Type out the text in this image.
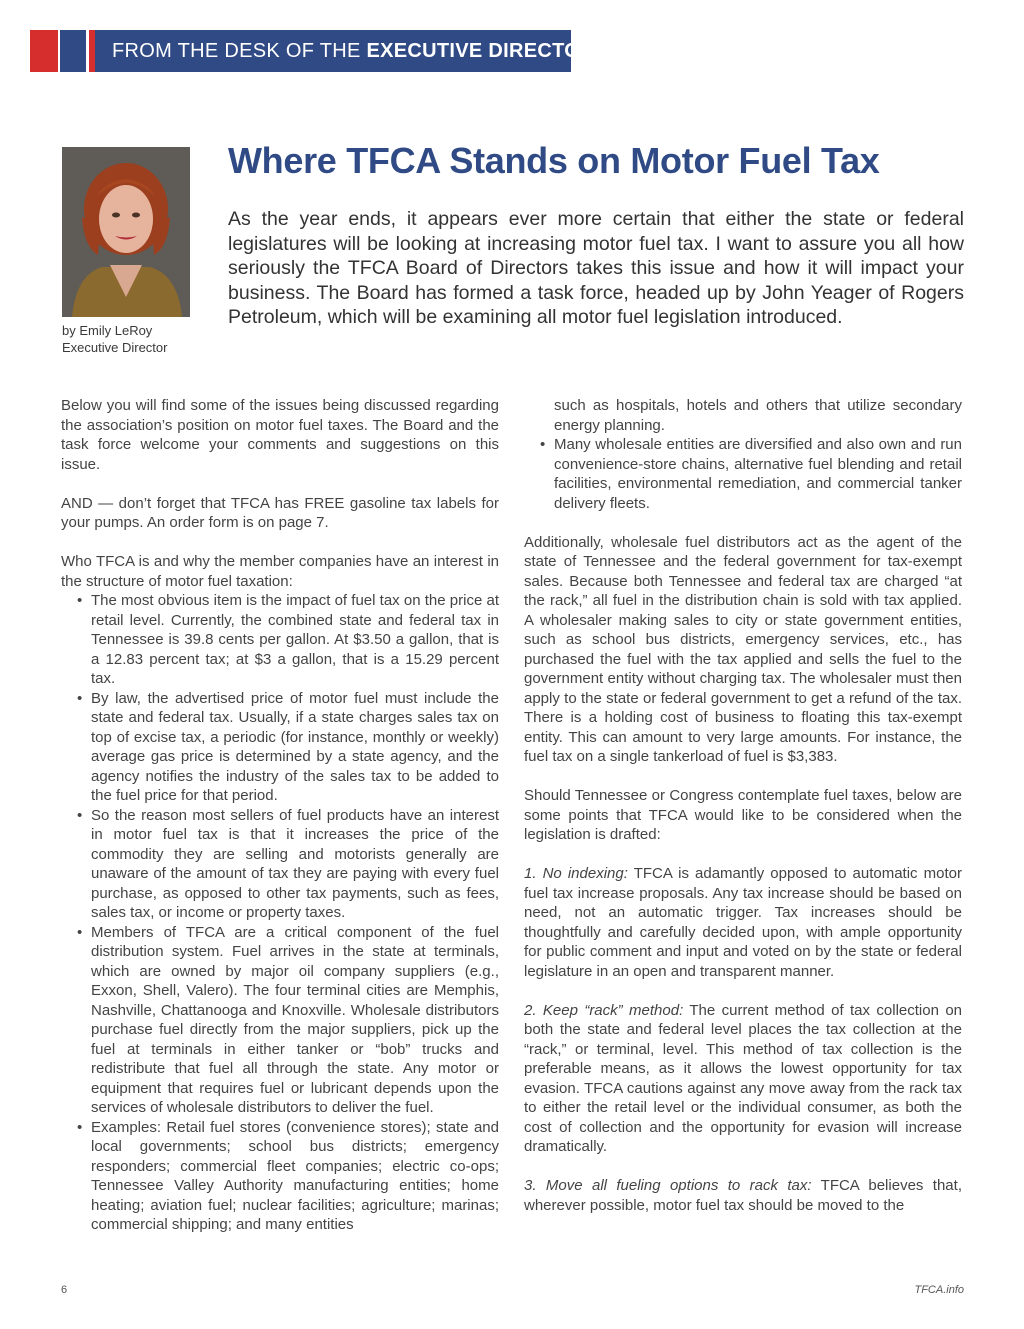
FROM THE DESK OF THE EXECUTIVE DIRECTOR
by Emily LeRoy
Executive Director
Where TFCA Stands on Motor Fuel Tax

As the year ends, it appears ever more certain that either the state or federal legislatures will be looking at increasing motor fuel tax. I want to assure you all how seriously the TFCA Board of Directors takes this issue and how it will impact your business. The Board has formed a task force, headed up by John Yeager of Rogers Petroleum, which will be examining all motor fuel legislation introduced.

Below you will find some of the issues being discussed regarding the association’s position on motor fuel taxes. The Board and the task force welcome your comments and suggestions on this issue.

AND — don’t forget that TFCA has FREE gasoline tax labels for your pumps. An order form is on page 7.

Who TFCA is and why the member companies have an interest in the structure of motor fuel taxation:

• The most obvious item is the impact of fuel tax on the price at retail level. Currently, the combined state and federal tax in Tennessee is 39.8 cents per gallon. At $3.50 a gallon, that is a 12.83 percent tax; at $3 a gallon, that is a 15.29 percent tax.
• By law, the advertised price of motor fuel must include the state and federal tax. Usually, if a state charges sales tax on top of excise tax, a periodic (for instance, monthly or weekly) average gas price is determined by a state agency, and the agency notifies the industry of the sales tax to be added to the fuel price for that period.
• So the reason most sellers of fuel products have an interest in motor fuel tax is that it increases the price of the commodity they are selling and motorists generally are unaware of the amount of tax they are paying with every fuel purchase, as opposed to other tax payments, such as fees, sales tax, or income or property taxes.
• Members of TFCA are a critical component of the fuel distribution system. Fuel arrives in the state at terminals, which are owned by major oil company suppliers (e.g., Exxon, Shell, Valero). The four terminal cities are Memphis, Nashville, Chattanooga and Knoxville. Wholesale distributors purchase fuel directly from the major suppliers, pick up the fuel at terminals in either tanker or “bob” trucks and redistribute that fuel all through the state. Any motor or equipment that requires fuel or lubricant depends upon the services of wholesale distributors to deliver the fuel.
• Examples: Retail fuel stores (convenience stores); state and local governments; school bus districts; emergency responders; commercial fleet companies; electric co-ops; Tennessee Valley Authority manufacturing entities; home heating; aviation fuel; nuclear facilities; agriculture; marinas; commercial shipping; and many entities
such as hospitals, hotels and others that utilize secondary energy planning.
• Many wholesale entities are diversified and also own and run convenience-store chains, alternative fuel blending and retail facilities, environmental remediation, and commercial tanker delivery fleets.

Additionally, wholesale fuel distributors act as the agent of the state of Tennessee and the federal government for tax-exempt sales. Because both Tennessee and federal tax are charged “at the rack,” all fuel in the distribution chain is sold with tax applied. A wholesaler making sales to city or state government entities, such as school bus districts, emergency services, etc., has purchased the fuel with the tax applied and sells the fuel to the government entity without charging tax. The wholesaler must then apply to the state or federal government to get a refund of the tax. There is a holding cost of business to floating this tax-exempt entity. This can amount to very large amounts. For instance, the fuel tax on a single tankerload of fuel is $3,383.

Should Tennessee or Congress contemplate fuel taxes, below are some points that TFCA would like to be considered when the legislation is drafted:

1. No indexing: TFCA is adamantly opposed to automatic motor fuel tax increase proposals. Any tax increase should be based on need, not an automatic trigger. Tax increases should be thoughtfully and carefully decided upon, with ample opportunity for public comment and input and voted on by the state or federal legislature in an open and transparent manner.

2. Keep “rack” method: The current method of tax collection on both the state and federal level places the tax collection at the “rack,” or terminal, level. This method of tax collection is the preferable means, as it allows the lowest opportunity for tax evasion. TFCA cautions against any move away from the rack tax to either the retail level or the individual consumer, as both the cost of collection and the opportunity for evasion will increase dramatically.

3. Move all fueling options to rack tax: TFCA believes that, wherever possible, motor fuel tax should be moved to the

6	TFCA.info
